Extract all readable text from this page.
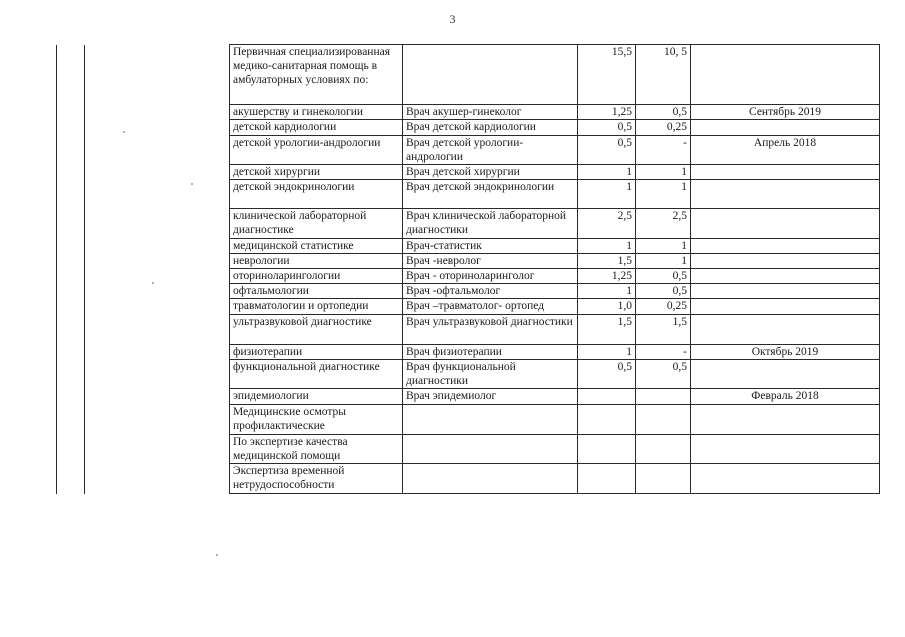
3
		Первичная специализированная медико-санитарная помощь в амбулаторных условиях по:		15,5	10, 5	
		акушерству и гинекологии	Врач акушер-гинеколог	1,25	0,5	Сентябрь 2019
		детской кардиологии	Врач детской кардиологии	0,5	0,25	
		детской урологии-андрологии	Врач детской урологии-андрологии	0,5	-	Апрель 2018
		детской хирургии	Врач детской хирургии	1	1	
		детской эндокринологии	Врач детской эндокринологии	1	1	
		клинической лабораторной диагностике	Врач клинической лабораторной диагностики	2,5	2,5	
		медицинской статистике	Врач-статистик	1	1	
		неврологии	Врач -невролог	1,5	1	
		оториноларингологии	Врач - оториноларинголог	1,25	0,5	
		офтальмологии	Врач -офтальмолог	1	0,5	
		травматологии и ортопедии	Врач –травматолог- ортопед	1,0	0,25	
		ультразвуковой диагностике	Врач ультразвуковой диагностики	1,5	1,5	
		физиотерапии	Врач физиотерапии	1	-	Октябрь 2019
		функциональной диагностике	Врач функциональной диагностики	0,5	0,5	
		эпидемиологии	Врач эпидемиолог			Февраль 2018
		Медицинские осмотры профилактические				
		По экспертизе качества медицинской помощи				
		Экспертиза временной нетрудоспособности				
